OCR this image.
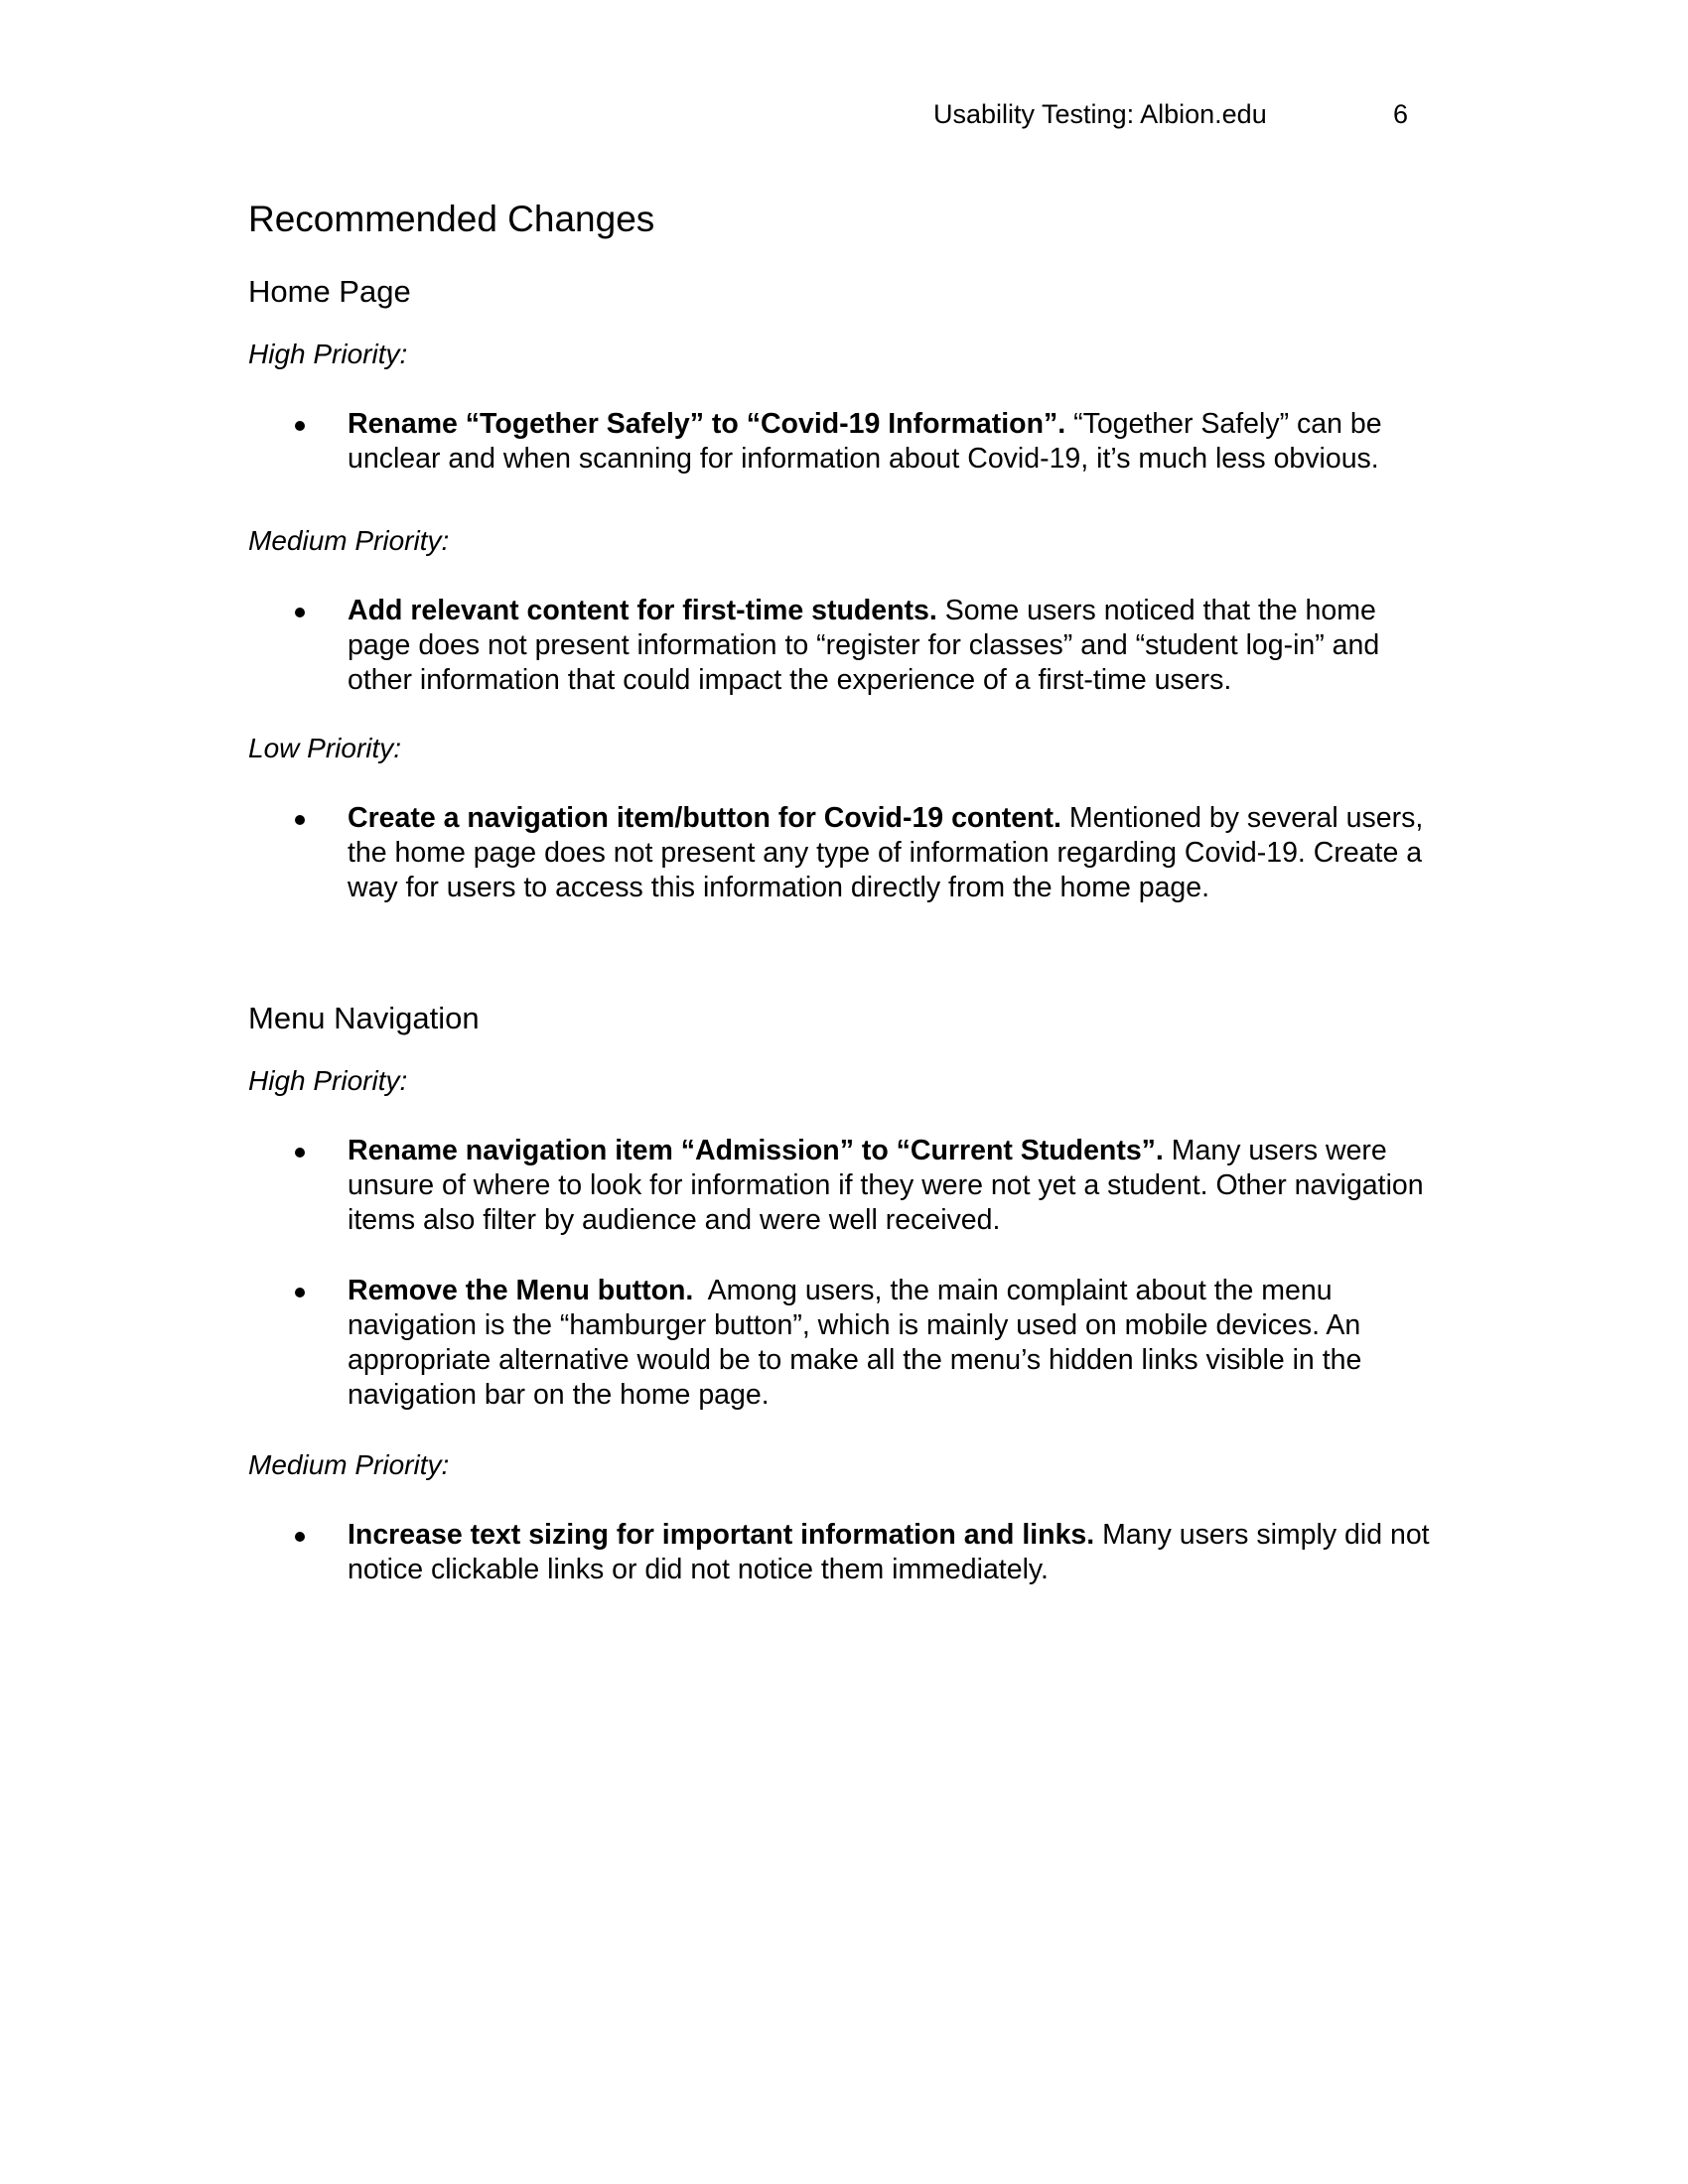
Usability Testing: Albion.edu	6
Recommended Changes
Home Page
High Priority:
Rename “Together Safely” to “Covid-19 Information”. “Together Safely” can be unclear and when scanning for information about Covid-19, it’s much less obvious.
Medium Priority:
Add relevant content for first-time students. Some users noticed that the home page does not present information to “register for classes” and “student log-in” and other information that could impact the experience of a first-time users.
Low Priority:
Create a navigation item/button for Covid-19 content. Mentioned by several users, the home page does not present any type of information regarding Covid-19. Create a way for users to access this information directly from the home page.
Menu Navigation
High Priority:
Rename navigation item “Admission” to “Current Students”. Many users were unsure of where to look for information if they were not yet a student. Other navigation items also filter by audience and were well received.
Remove the Menu button.  Among users, the main complaint about the menu navigation is the “hamburger button”, which is mainly used on mobile devices. An appropriate alternative would be to make all the menu’s hidden links visible in the navigation bar on the home page.
Medium Priority:
Increase text sizing for important information and links. Many users simply did not notice clickable links or did not notice them immediately.
